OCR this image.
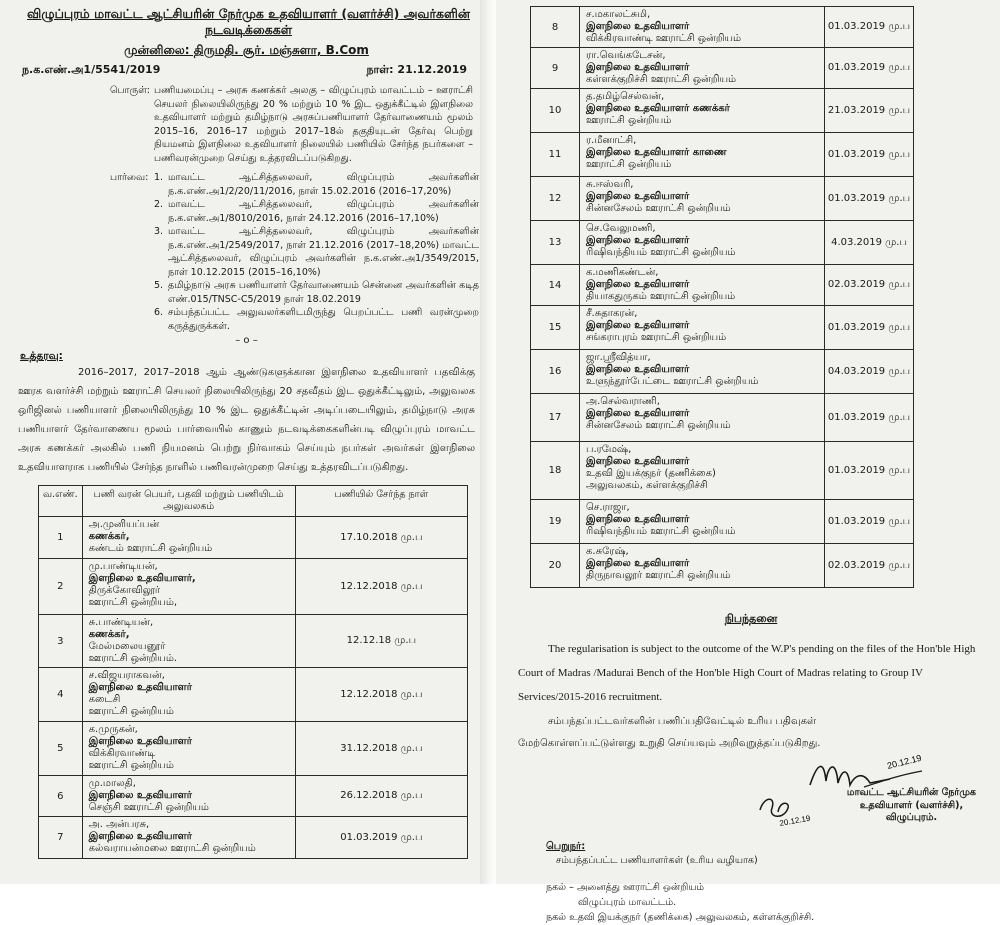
விழுப்புரம் மாவட்ட ஆட்சியரின் நேர்முக உதவியாளர் (வளர்ச்சி) அவர்களின் நடவடிக்கைகள்
முன்னிலை: திருமதி. சூர். மஞ்சுளா, B.Com
ந.க.எண்.அ1/5541/2019	நாள்: 21.12.2019
பொருள்: பணியமைப்பு – அரசு கணக்கர் அலகு – விழுப்புரம் மாவட்டம் – ஊராட்சி செயலர் நிலையிலிருந்து 20 % மற்றும் 10 % இட ஒதுக்கீட்டில் இளநிலை உதவியாளர் மற்றும் தமிழ்நாடு அரசுப்பணியாளர் தேர்வாணையம் மூலம் 2015–16, 2016–17 மற்றும் 2017–18ல் தகுதியுடன் தேர்வு பெற்று நியமனம் இளநிலை உதவியாளர் நிலையில் பணியில் சேர்ந்த நபர்களை – பணிவரன்முறை செய்து உத்தரவிடப்படுகிறது.
பார்வை: 1. மாவட்ட ஆட்சித்தலைவர், விழுப்புரம் அவர்களின் ந.க.எண்.அ1/2/20/11/2016, நாள் 15.02.2016 (2016–17,20%)
2. மாவட்ட ஆட்சித்தலைவர், விழுப்புரம் அவர்களின் ந.க.எண்.அ1/8010/2016, நாள் 24.12.2016 (2016–17,10%)
3. மாவட்ட ஆட்சித்தலைவர், விழுப்புரம் அவர்களின் ந.க.எண்.அ1/2549/2017, நாள் 21.12.2016 (2017–18,20%) மாவட்ட ஆட்சித்தலைவர், விழுப்புரம் அவர்களின் ந.க.எண்.அ1/3549/2015, நாள் 10.12.2015 (2015–16,10%)
5. தமிழ்நாடு அரசு பணியாளர் தேர்வாணையம் சென்னை அவர்களின் கடித எண்.015/TNSC-C5/2019 நாள் 18.02.2019
6. சம்பந்தப்பட்ட அலுவலர்களிடமிருந்து பெறப்பட்ட பணி வரன்முறை கருத்துருக்கள்.
– o –
உத்தரவு:
2016–2017, 2017–2018 ஆம் ஆண்டுகளுக்கான இளநிலை உதவியாளர் பதவிக்கு ஊரக வளர்ச்சி மற்றும் ஊராட்சி செயலர் நிலையிலிருந்து 20 சதவீதம் இட ஒதுக்கீட்டிலும், அலுவலக ஒரிஜினல் பணியாளர் நிலையிலிருந்து 10 % இட ஒதுக்கீட்டின் அடிப்படையிலும், தமிழ்நாடு அரசு பணியாளர் தேர்வாணைய மூலம் பார்வையில் காணும் நடவடிக்கைகளின்படி விழுப்புரம் மாவட்ட அரசு கணக்கர் அலகில் பணி நியமனம் பெற்று நிர்வாகம் செய்யும் நபர்கள் அவர்கள் இளநிலை உதவியாளராக பணியில் சேர்ந்த நாளில் பணிவரன்முறை செய்து உத்தரவிடப்படுகிறது.
வ.எண்.	பணி வரன் பெயர், பதவி மற்றும் பணியிடம் அலுவலகம்	பணியில் சேர்ந்த நாள்
1	அ.முனியப்பன்
கணக்கர்,
கண்டம் ஊராட்சி ஒன்றியம்	17.10.2018 மு.ப
2	மு.பாண்டியன்,
இளநிலை உதவியாளர்,
திருக்கோவிலூர்
ஊராட்சி ஒன்றியம்,	12.12.2018 மு.ப
3	சு.பாண்டியன்,
கணக்கர்,
மேல்மலையனூர்
ஊராட்சி ஒன்றியம்.	12.12.18 மு.ப
4	ச.விஜயராகவன்,
இளநிலை உதவியாளர்
கடைசி
ஊராட்சி ஒன்றியம்	12.12.2018 மு.ப
5	க.முருகன்,
இளநிலை உதவியாளர்
விக்கிரவாண்டி
ஊராட்சி ஒன்றியம்	31.12.2018 மு.ப
6	மு.மாலதி,
இளநிலை உதவியாளர்
செஞ்சி ஊராட்சி ஒன்றியம்	26.12.2018 மு.ப
7	அ. அன்பரசு,
இளநிலை உதவியாளர்
கல்வராயன்மலை ஊராட்சி ஒன்றியம்	01.03.2019 மு.ப
8	ச.மகாலட்சுமி,
இளநிலை உதவியாளர்
விக்கிரவாண்டி ஊராட்சி ஒன்றியம்	01.03.2019 மு.ப
9	ரா.வெங்கடேசன்,
இளநிலை உதவியாளர்
கள்ளக்குறிச்சி ஊராட்சி ஒன்றியம்	01.03.2019 மு.ப
10	த.தமிழ்செல்வன்,
இளநிலை உதவியாளர் கணக்கர்
ஊராட்சி ஒன்றியம்	21.03.2019 மு.ப
11	ர.மீனாட்சி,
இளநிலை உதவியாளர் காணை
ஊராட்சி ஒன்றியம்	01.03.2019 மு.ப
12	சு.ஈஸ்வரி,
இளநிலை உதவியாளர்
சின்னசேலம் ஊராட்சி ஒன்றியம்	01.03.2019 மு.ப
13	செ.வேலுமணி,
இளநிலை உதவியாளர்
ரிஷிவந்தியம் ஊராட்சி ஒன்றியம்	4.03.2019 மு.ப
14	க.மணிகண்டன்,
இளநிலை உதவியாளர்
தியாகதுருகம் ஊராட்சி ஒன்றியம்	02.03.2019 மு.ப
15	சீ.சுதாகரன்,
இளநிலை உதவியாளர்
சங்கராபுரம் ஊராட்சி ஒன்றியம்	01.03.2019 மு.ப
16	ஜா.ஸ்ரீவித்யா,
இளநிலை உதவியாளர்
உளுந்தூர்பேட்டை ஊராட்சி ஒன்றியம்	04.03.2019 மு.ப
17	அ.செல்வராணி,
இளநிலை உதவியாளர்
சின்னசேலம் ஊராட்சி ஒன்றியம்	01.03.2019 மு.ப
18	ப.ரமேஷ்,
இளநிலை உதவியாளர்
உதவி இயக்குநர் (தணிக்கை)
அலுவலகம், கள்ளக்குறிச்சி	01.03.2019 மு.ப
19	செ.ராஜா,
இளநிலை உதவியாளர்
ரிஷிவந்தியம் ஊராட்சி ஒன்றியம்	01.03.2019 மு.ப
20	க.சுரேஷ்,
இளநிலை உதவியாளர்
திருநாவலூர் ஊராட்சி ஒன்றியம்	02.03.2019 மு.ப
நிபந்தனை

The regularisation is subject to the outcome of the W.P's pending on the files of the Hon'ble High Court of Madras /Madurai Bench of the Hon'ble High Court of Madras relating to Group IV Services/2015-2016 recruitment.

சம்பந்தப்பட்டவர்களின் பணிப்பதிவேட்டில் உரிய பதிவுகள்

மேற்கொள்ளப்பட்டுள்ளது உறுதி செய்யவும் அறிவுறுத்தப்படுகிறது.

20.12.19
மாவட்ட ஆட்சியரின் நேர்முக
உதவியாளர் (வளர்ச்சி),
விழுப்புரம்.
பெறுநர்:
சம்பந்தப்பட்ட பணியாளர்கள் (உரிய வழியாக)
நகல் – அனைத்து ஊராட்சி ஒன்றியம்
விழுப்புரம் மாவட்டம்.
நகல் உதவி இயக்குநர் (தணிக்கை) அலுவலகம், கள்ளக்குறிச்சி.
20.12.19
